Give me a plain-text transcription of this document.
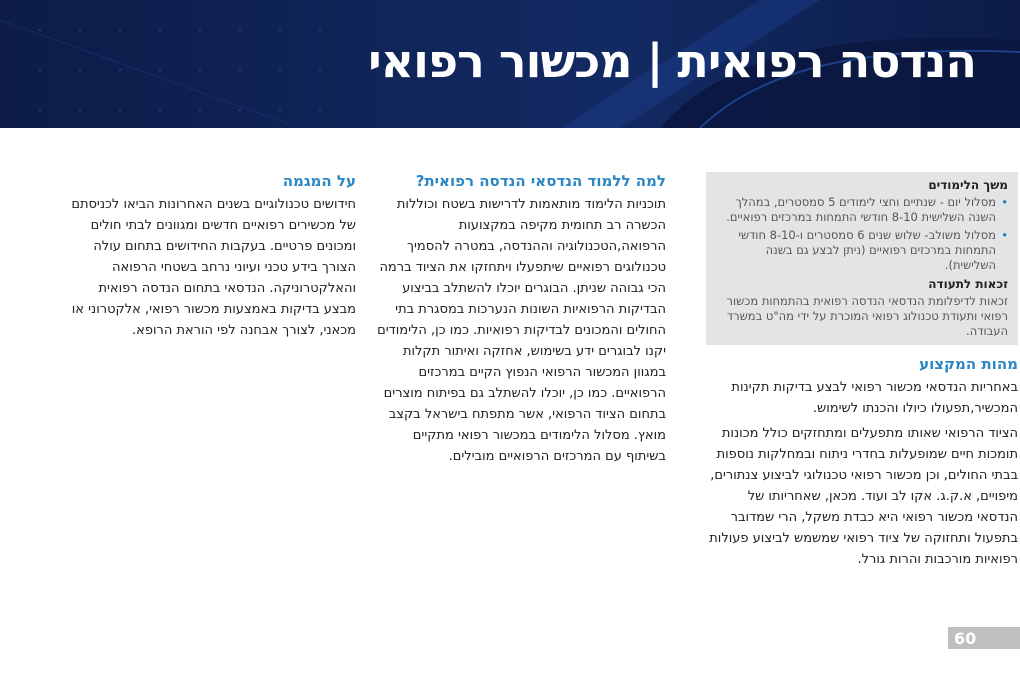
הנדסה רפואית | מכשור רפואי
משך הלימודים
•
מסלול יום - שנתיים וחצי לימודים 5 סמסטרים, במהלך השנה השלישית 8-10 חודשי התמחות במרכזים רפואיים.
•
מסלול משולב- שלוש שנים 6 סמסטרים ו-8-10 חודשי התמחות במרכזים רפואיים (ניתן לבצע גם בשנה השלישית).
זכאות לתעודה

זכאות לדיפלומת הנדסאי הנדסה רפואית בהתמחות מכשור רפואי ותעודת טכנולוג רפואי המוכרת על ידי מה"ט במשרד העבודה.

מהות המקצוע

באחריות הנדסאי מכשור רפואי לבצע בדיקות תקינות המכשיר,תפעולו כיולו והכנתו לשימוש.

הציוד הרפואי שאותו מתפעלים ומתחזקים כולל מכונות תומכות חיים שמופעלות בחדרי ניתוח ובמחלקות נוספות בבתי החולים, וכן מכשור רפואי טכנולוגי לביצוע צנתורים, מיפויים, א.ק.ג. אקו לב ועוד. מכאן, שאחריותו של הנדסאי מכשור רפואי היא כבדת משקל, הרי שמדובר בתפעול ותחזוקה של ציוד רפואי שמשמש לביצוע פעולות רפואיות מורכבות והרות גורל.

למה ללמוד הנדסאי הנדסה רפואית?

תוכניות הלימוד מותאמות לדרישות בשטח וכוללות הכשרה רב תחומית מקיפה במקצועות הרפואה,הטכנולוגיה וההנדסה, במטרה להסמיך טכנולוגים רפואיים שיתפעלו ויתחזקו את הציוד ברמה הכי גבוהה שניתן. הבוגרים יוכלו להשתלב בביצוע הבדיקות הרפואיות השונות הנערכות במסגרת בתי החולים והמכונים לבדיקות רפואיות. כמו כן, הלימודים יקנו לבוגרים ידע בשימוש, אחזקה ואיתור תקלות במגוון המכשור הרפואי הנפוץ הקיים במרכזים הרפואיים. כמו כן, יוכלו להשתלב גם בפיתוח מוצרים בתחום הציוד הרפואי, אשר מתפתח בישראל בקצב מואץ. מסלול הלימודים במכשור רפואי מתקיים בשיתוף עם המרכזים הרפואיים מובילים.

על המגמה

חידושים טכנולוגיים בשנים האחרונות הביאו לכניסתם של מכשירים רפואיים חדשים ומגוונים לבתי חולים ומכונים פרטיים. בעקבות החידושים בתחום עולה הצורך בידע טכני ועיוני נרחב בשטחי הרפואה והאלקטרוניקה. הנדסאי בתחום הנדסה רפואית מבצע בדיקות באמצעות מכשור רפואי, אלקטרוני או מכאני, לצורך אבחנה לפי הוראת הרופא.

60
